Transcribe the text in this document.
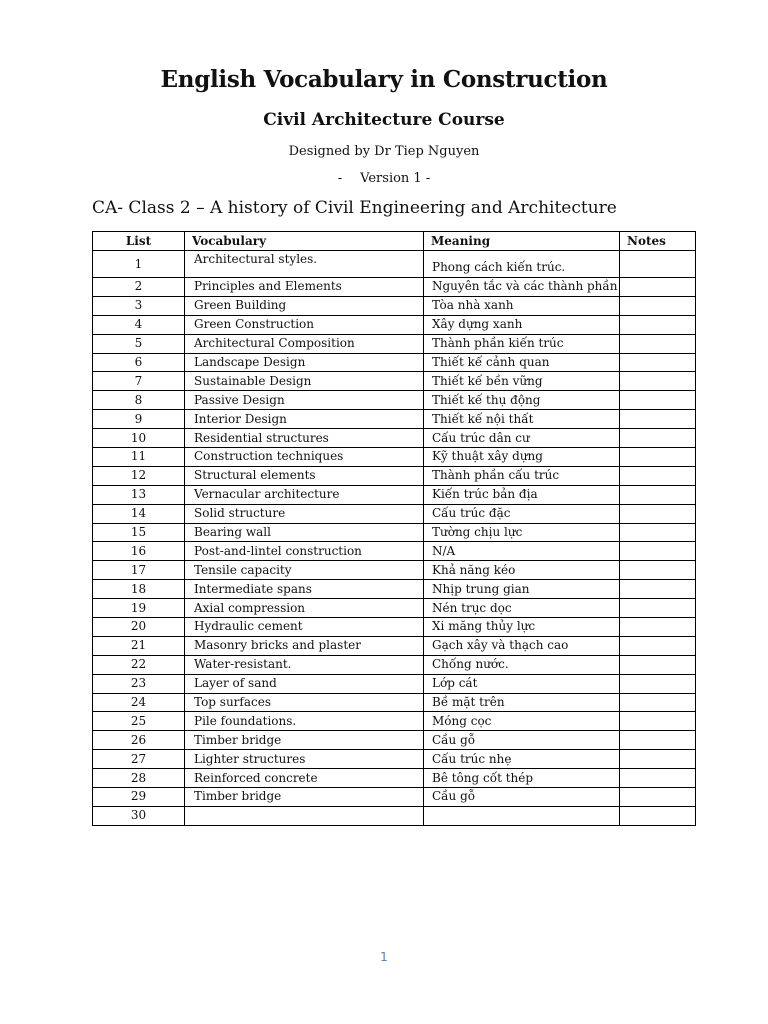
English Vocabulary in Construction
Civil Architecture Course
Designed by Dr Tiep Nguyen
- Version 1 -
CA- Class 2 – A history of Civil Engineering and Architecture
List	Vocabulary	Meaning	Notes
1	Architectural styles.	Phong cách kiến trúc.	
2	Principles and Elements	Nguyên tắc và các thành phần	
3	Green Building	Tòa nhà xanh	
4	Green Construction	Xây dựng xanh	
5	Architectural Composition	Thành phần kiến trúc	
6	Landscape Design	Thiết kế cảnh quan	
7	Sustainable Design	Thiết kế bền vững	
8	Passive Design	Thiết kế thụ động	
9	Interior Design	Thiết kế nội thất	
10	Residential structures	Cấu trúc dân cư	
11	Construction techniques	Kỹ thuật xây dựng	
12	Structural elements	Thành phần cấu trúc	
13	Vernacular architecture	Kiến trúc bản địa	
14	Solid structure	Cấu trúc đặc	
15	Bearing wall	Tường chịu lực	
16	Post-and-lintel construction	N/A	
17	Tensile capacity	Khả năng kéo	
18	Intermediate spans	Nhịp trung gian	
19	Axial compression	Nén trục dọc	
20	Hydraulic cement	Xi măng thủy lực	
21	Masonry bricks and plaster	Gạch xây và thạch cao	
22	Water-resistant.	Chống nước.	
23	Layer of sand	Lớp cát	
24	Top surfaces	Bề mặt trên	
25	Pile foundations.	Móng cọc	
26	Timber bridge	Cầu gỗ	
27	Lighter structures	Cấu trúc nhẹ	
28	Reinforced concrete	Bê tông cốt thép	
29	Timber bridge	Cầu gỗ	
30			
1
